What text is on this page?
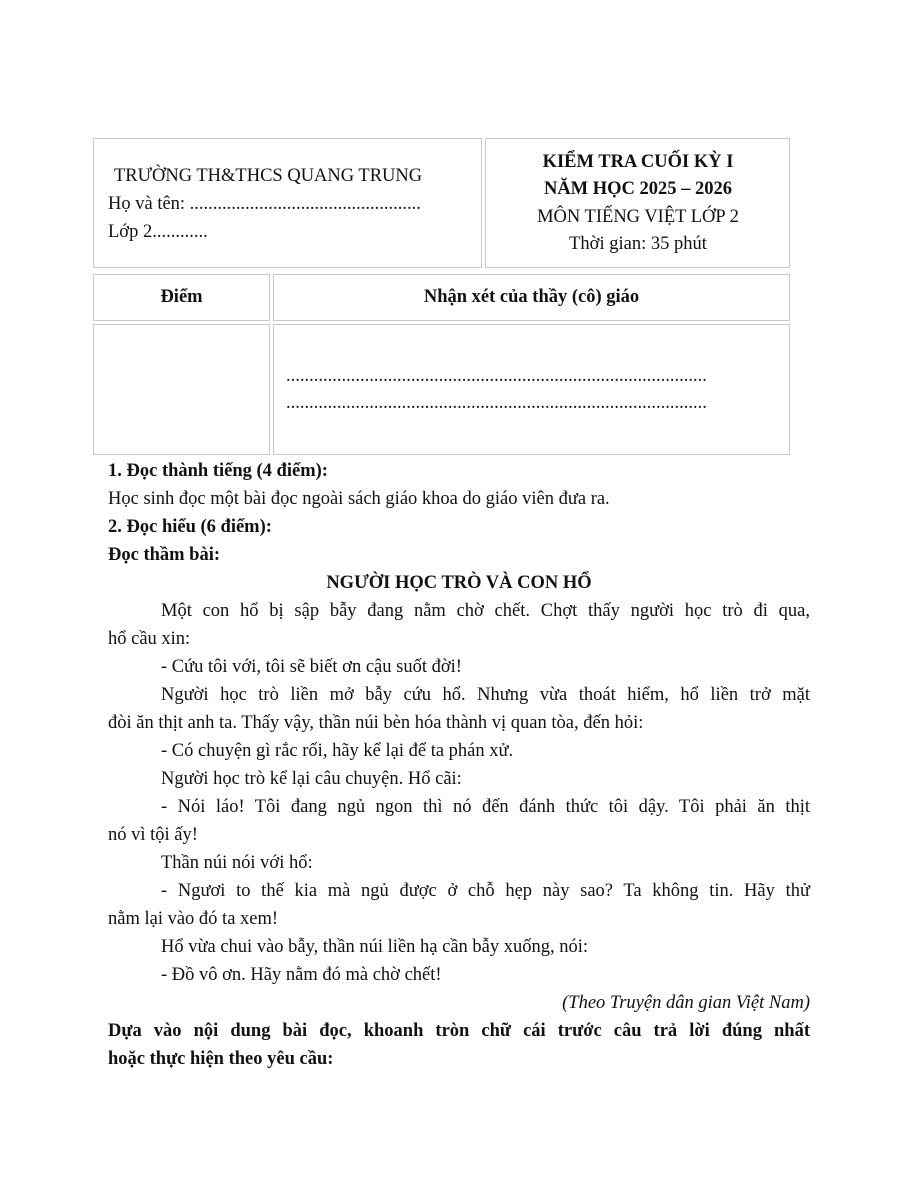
TRƯỜNG TH&THCS QUANG TRUNG
Họ và tên: ..................................................
Lớp 2............
KIỂM TRA CUỐI KỲ I
NĂM HỌC 2025 – 2026
MÔN TIẾNG VIỆT LỚP 2
Thời gian: 35 phút
Điểm	Nhận xét của thầy (cô) giáo
...........................................................................................
...........................................................................................
1. Đọc thành tiếng (4 điểm):
Học sinh đọc một bài đọc ngoài sách giáo khoa do giáo viên đưa ra.
2. Đọc hiểu (6 điểm):
Đọc thầm bài:
NGƯỜI HỌC TRÒ VÀ CON HỔ
Một con hổ bị sập bẫy đang nằm chờ chết. Chợt thấy người học trò đi qua,
hổ cầu xin:
- Cứu tôi với, tôi sẽ biết ơn cậu suốt đời!
Người học trò liền mở bẫy cứu hổ. Nhưng vừa thoát hiểm, hổ liền trở mặt
đòi ăn thịt anh ta. Thấy vậy, thần núi bèn hóa thành vị quan tòa, đến hỏi:
- Có chuyện gì rắc rối, hãy kể lại để ta phán xử.
Người học trò kể lại câu chuyện. Hổ cãi:
- Nói láo! Tôi đang ngủ ngon thì nó đến đánh thức tôi dậy. Tôi phải ăn thịt
nó vì tội ấy!
Thần núi nói với hổ:
- Ngươi to thế kia mà ngủ được ở chỗ hẹp này sao? Ta không tin. Hãy thử
nằm lại vào đó ta xem!
Hổ vừa chui vào bẫy, thần núi liền hạ cần bẫy xuống, nói:
- Đồ vô ơn. Hãy nằm đó mà chờ chết!
(Theo Truyện dân gian Việt Nam)
Dựa vào nội dung bài đọc, khoanh tròn chữ cái trước câu trả lời đúng nhất
hoặc thực hiện theo yêu cầu:
